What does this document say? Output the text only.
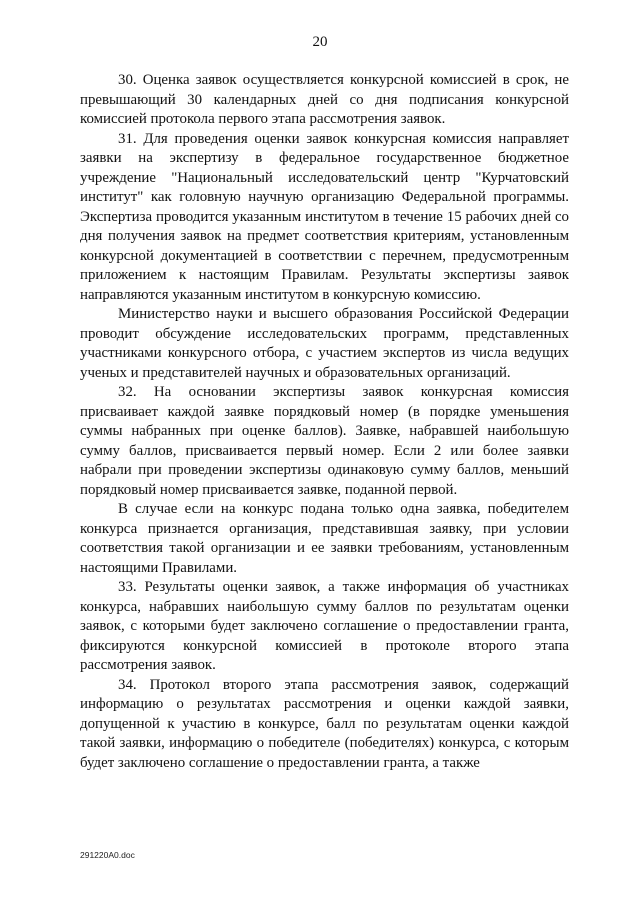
20

30. Оценка заявок осуществляется конкурсной комиссией в срок, не превышающий 30 календарных дней со дня подписания конкурсной комиссией протокола первого этапа рассмотрения заявок.

31. Для проведения оценки заявок конкурсная комиссия направляет заявки на экспертизу в федеральное государственное бюджетное учреждение "Национальный исследовательский центр "Курчатовский институт" как головную научную организацию Федеральной программы. Экспертиза проводится указанным институтом в течение 15 рабочих дней со дня получения заявок на предмет соответствия критериям, установленным конкурсной документацией в соответствии с перечнем, предусмотренным приложением к настоящим Правилам. Результаты экспертизы заявок направляются указанным институтом в конкурсную комиссию.

Министерство науки и высшего образования Российской Федерации проводит обсуждение исследовательских программ, представленных участниками конкурсного отбора, с участием экспертов из числа ведущих ученых и представителей научных и образовательных организаций.

32. На основании экспертизы заявок конкурсная комиссия присваивает каждой заявке порядковый номер (в порядке уменьшения суммы набранных при оценке баллов). Заявке, набравшей наибольшую сумму баллов, присваивается первый номер. Если 2 или более заявки набрали при проведении экспертизы одинаковую сумму баллов, меньший порядковый номер присваивается заявке, поданной первой.

В случае если на конкурс подана только одна заявка, победителем конкурса признается организация, представившая заявку, при условии соответствия такой организации и ее заявки требованиям, установленным настоящими Правилами.

33. Результаты оценки заявок, а также информация об участниках конкурса, набравших наибольшую сумму баллов по результатам оценки заявок, с которыми будет заключено соглашение о предоставлении гранта, фиксируются конкурсной комиссией в протоколе второго этапа рассмотрения заявок.

34. Протокол второго этапа рассмотрения заявок, содержащий информацию о результатах рассмотрения и оценки каждой заявки, допущенной к участию в конкурсе, балл по результатам оценки каждой такой заявки, информацию о победителе (победителях) конкурса, с которым будет заключено соглашение о предоставлении гранта, а также

291220A0.doc
